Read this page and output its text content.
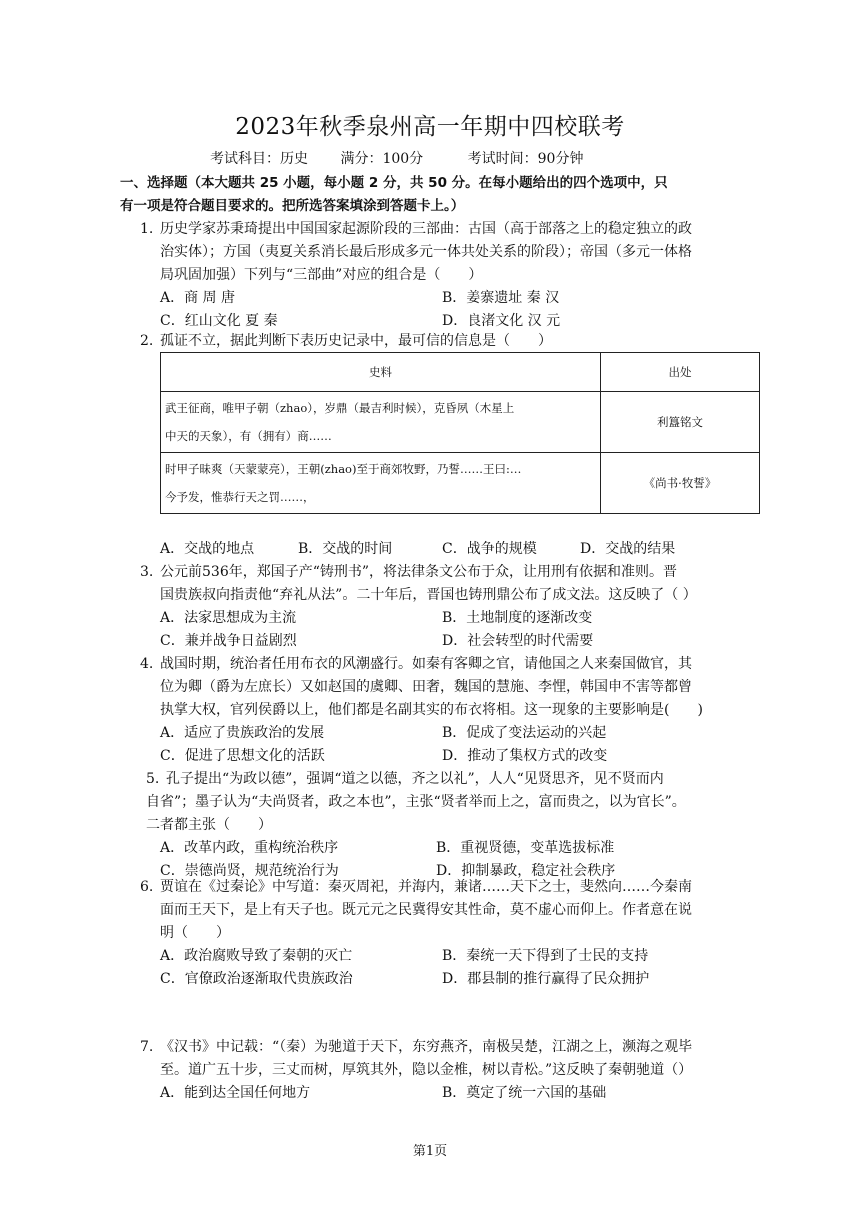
2023年秋季泉州高一年期中四校联考
考试科目：历史 满分：100分	考试时间：90分钟
一、选择题（本大题共 25 小题，每小题 2 分，共 50 分。在每小题给出的四个选项中，只
有一项是符合题目要求的。把所选答案填涂到答题卡上。）
1. 历史学家苏秉琦提出中国国家起源阶段的三部曲：古国（高于部落之上的稳定独立的政
治实体）；方国（夷夏关系消长最后形成多元一体共处关系的阶段）；帝国（多元一体格
局巩固加强）下列与“三部曲”对应的组合是（　　）
A．商 周 唐	B．姜寨遗址 秦 汉
C．红山文化 夏 秦	D．良渚文化 汉 元
2. 孤证不立，据此判断下表历史记录中，最可信的信息是（　　）
史料	出处

武王征商，唯甲子朝（zhao），岁鼎（最吉利时候），克昏夙（木星上
中天的天象），有（拥有）商……	利簋铭文

时甲子昧爽（天蒙蒙亮），王朝(zhao)至于商郊牧野，乃誓……王曰:…
今予发，惟恭行天之罚……，	《尚书·牧誓》
A．交战的地点	B．交战的时间	C．战争的规模	D．交战的结果
3. 公元前536年，郑国子产“铸刑书”，将法律条文公布于众，让用刑有依据和准则。晋
国贵族叔向指责他“弃礼从法”。二十年后，晋国也铸刑鼎公布了成文法。这反映了（ ）
A．法家思想成为主流	B．土地制度的逐渐改变
C．兼并战争日益剧烈	D．社会转型的时代需要
4. 战国时期，统治者任用布衣的风潮盛行。如秦有客卿之官，请他国之人来秦国做官，其
位为卿（爵为左庶长）又如赵国的虞卿、田奢，魏国的慧施、李悝，韩国申不害等都曾
执掌大权，官列侯爵以上，他们都是名副其实的布衣将相。这一现象的主要影响是(　　)
A．适应了贵族政治的发展	B．促成了变法运动的兴起
C．促进了思想文化的活跃	D．推动了集权方式的改变
5. 孔子提出“为政以德”，强调“道之以德，齐之以礼”，人人“见贤思齐，见不贤而内
自省”；墨子认为“夫尚贤者，政之本也”，主张“贤者举而上之，富而贵之，以为官长”。
二者都主张（　　）
A．改革内政，重构统治秩序	B．重视贤德，变革选拔标准
C．崇德尚贤，规范统治行为	D．抑制暴政，稳定社会秩序
6. 贾谊在《过秦论》中写道：秦灭周祀，并海内，兼诸……天下之士，斐然向……今秦南
面而王天下，是上有天子也。既元元之民冀得安其性命，莫不虚心而仰上。作者意在说
明（　　）
A．政治腐败导致了秦朝的灭亡	B．秦统一天下得到了士民的支持
C．官僚政治逐渐取代贵族政治	D．郡县制的推行赢得了民众拥护
7. 《汉书》中记载：“（秦）为驰道于天下，东穷燕齐，南极吴楚，江湖之上，濒海之观毕
至。道广五十步，三丈而树，厚筑其外，隐以金椎，树以青松。”这反映了秦朝驰道（）
A．能到达全国任何地方	B．奠定了统一六国的基础
第1页
